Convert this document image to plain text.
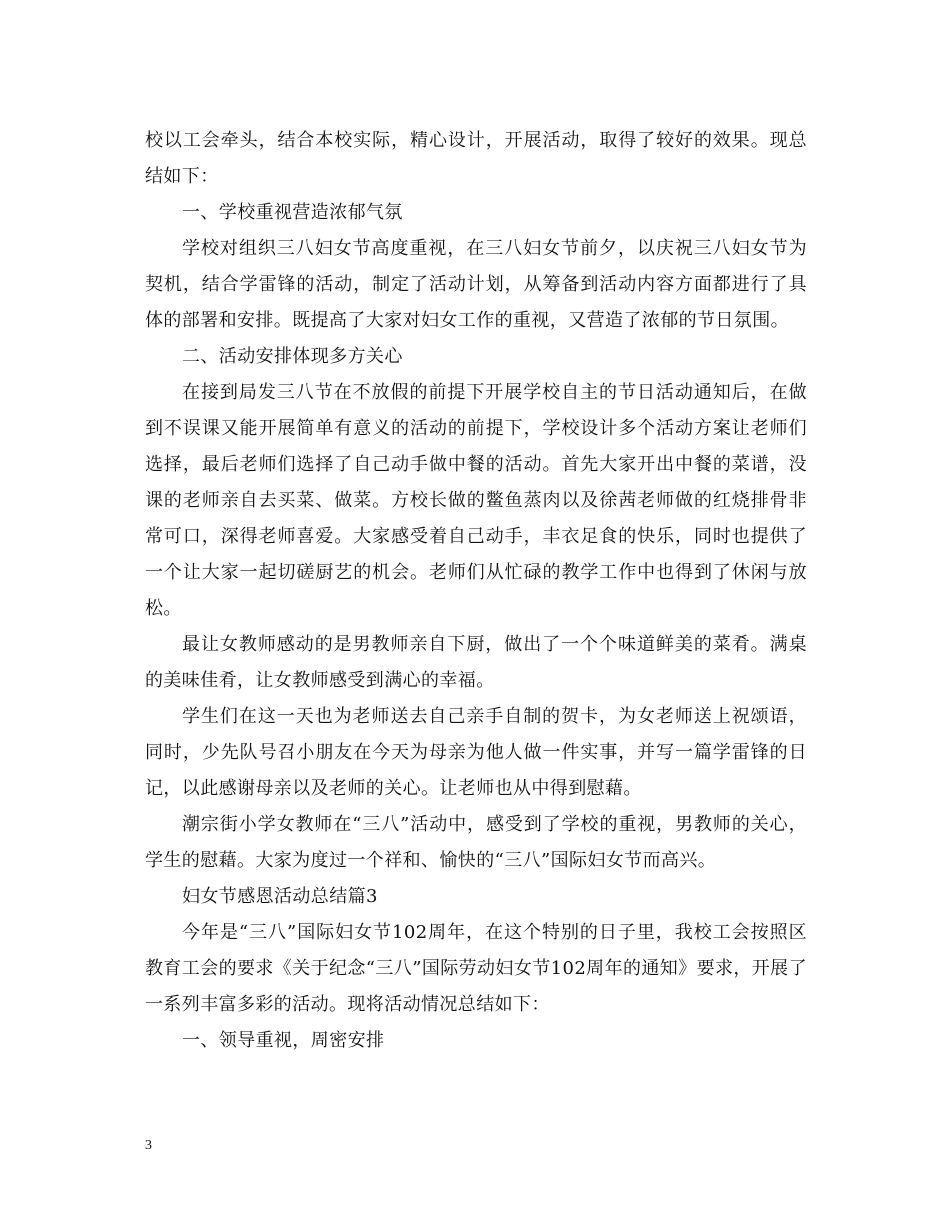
校以工会牵头，结合本校实际，精心设计，开展活动，取得了较好的效果。现总结如下：

一、学校重视营造浓郁气氛

学校对组织三八妇女节高度重视，在三八妇女节前夕，以庆祝三八妇女节为契机，结合学雷锋的活动，制定了活动计划，从筹备到活动内容方面都进行了具体的部署和安排。既提高了大家对妇女工作的重视，又营造了浓郁的节日氛围。

二、活动安排体现多方关心

在接到局发三八节在不放假的前提下开展学校自主的节日活动通知后，在做到不误课又能开展简单有意义的活动的前提下，学校设计多个活动方案让老师们选择，最后老师们选择了自己动手做中餐的活动。首先大家开出中餐的菜谱，没课的老师亲自去买菜、做菜。方校长做的鳖鱼蒸肉以及徐茜老师做的红烧排骨非常可口，深得老师喜爱。大家感受着自己动手，丰衣足食的快乐，同时也提供了一个让大家一起切磋厨艺的机会。老师们从忙碌的教学工作中也得到了休闲与放松。

最让女教师感动的是男教师亲自下厨，做出了一个个味道鲜美的菜肴。满桌的美味佳肴，让女教师感受到满心的幸福。

学生们在这一天也为老师送去自己亲手自制的贺卡，为女老师送上祝颂语，同时，少先队号召小朋友在今天为母亲为他人做一件实事，并写一篇学雷锋的日记，以此感谢母亲以及老师的关心。让老师也从中得到慰藉。

潮宗街小学女教师在“三八”活动中，感受到了学校的重视，男教师的关心，学生的慰藉。大家为度过一个祥和、愉快的“三八”国际妇女节而高兴。

妇女节感恩活动总结篇3

今年是“三八”国际妇女节102周年，在这个特别的日子里，我校工会按照区教育工会的要求《关于纪念“三八”国际劳动妇女节102周年的通知》要求，开展了一系列丰富多彩的活动。现将活动情况总结如下：

一、领导重视，周密安排

3
